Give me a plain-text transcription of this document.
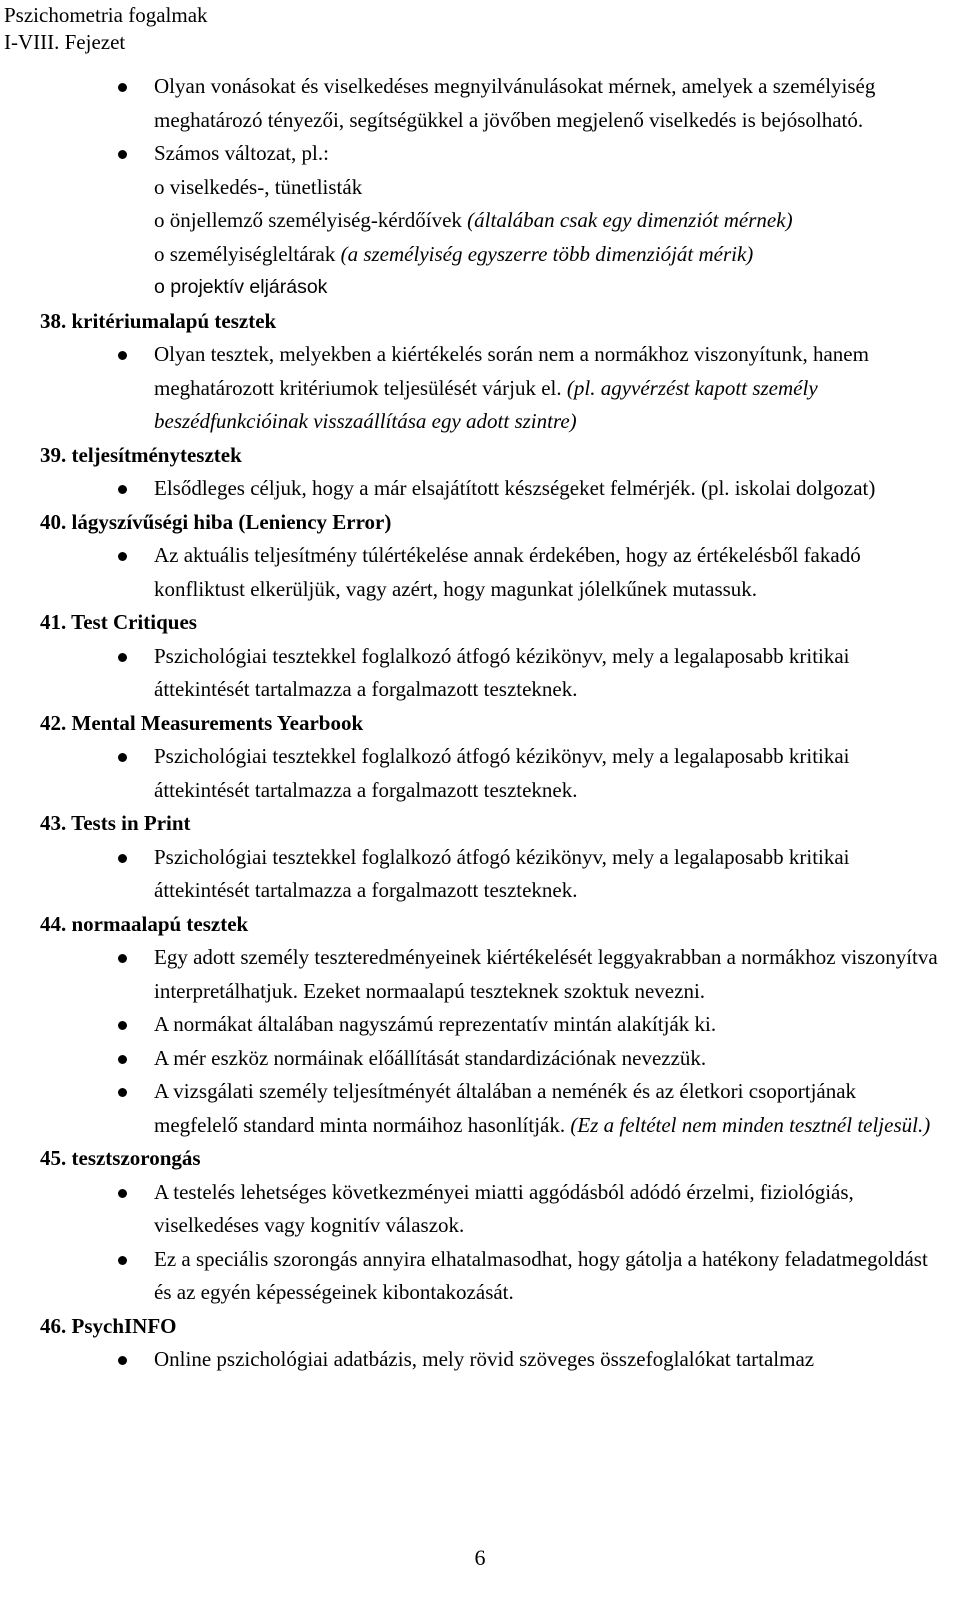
Pszichometria fogalmak
I-VIII. Fejezet
Olyan vonásokat és viselkedéses megnyilvánulásokat mérnek, amelyek a személyiség meghatározó tényezői, segítségükkel a jövőben megjelenő viselkedés is bejósolható.
Számos változat, pl.:
o viselkedés-, tünetlisták
o önjellemző személyiség-kérdőívek (általában csak egy dimenziót mérnek)
o személyiségleltárak (a személyiség egyszerre több dimenzióját mérik)
o projektív eljárások
38. kritériumalapú tesztek
Olyan tesztek, melyekben a kiértékelés során nem a normákhoz viszonyítunk, hanem meghatározott kritériumok teljesülését várjuk el. (pl. agyvérzést kapott személy beszédfunkcióinak visszaállítása egy adott szintre)
39. teljesítménytesztek
Elsődleges céljuk, hogy a már elsajátított készségeket felmérjék. (pl. iskolai dolgozat)
40. lágyszívűségi hiba (Leniency Error)
Az aktuális teljesítmény túlértékelése annak érdekében, hogy az értékelésből fakadó konfliktust elkerüljük, vagy azért, hogy magunkat jólelkűnek mutassuk.
41. Test Critiques
Pszichológiai tesztekkel foglalkozó átfogó kézikönyv, mely a legalaposabb kritikai áttekintését tartalmazza a forgalmazott teszteknek.
42. Mental Measurements Yearbook
Pszichológiai tesztekkel foglalkozó átfogó kézikönyv, mely a legalaposabb kritikai áttekintését tartalmazza a forgalmazott teszteknek.
43. Tests in Print
Pszichológiai tesztekkel foglalkozó átfogó kézikönyv, mely a legalaposabb kritikai áttekintését tartalmazza a forgalmazott teszteknek.
44. normaalapú tesztek
Egy adott személy teszteredményeinek kiértékelését leggyakrabban a normákhoz viszonyítva interpretálhatjuk. Ezeket normaalapú teszteknek szoktuk nevezni.
A normákat általában nagyszámú reprezentatív mintán alakítják ki.
A mér eszköz normáinak előállítását standardizációnak nevezzük.
A vizsgálati személy teljesítményét általában a neménék és az életkori csoportjának megfelelő standard minta normáihoz hasonlítják. (Ez a feltétel nem minden tesztnél teljesül.)
45. tesztszorongás
A testelés lehetséges következményei miatti aggódásból adódó érzelmi, fiziológiás, viselkedéses vagy kognitív válaszok.
Ez a speciális szorongás annyira elhatalmasodhat, hogy gátolja a hatékony feladatmegoldást és az egyén képességeinek kibontakozását.
46. PsychINFO
Online pszichológiai adatbázis, mely rövid szöveges összefoglalókat tartalmaz
6
